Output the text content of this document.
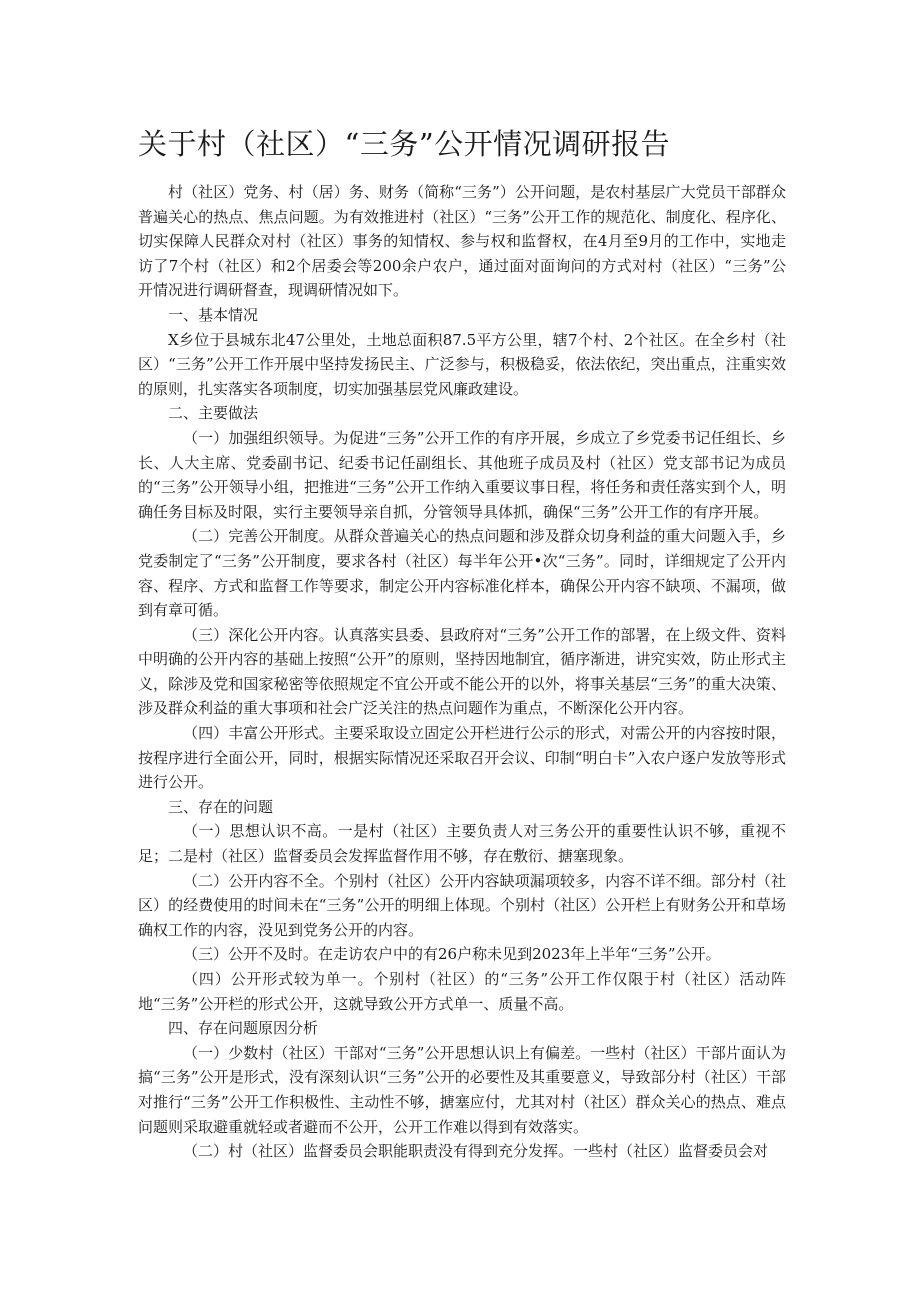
关于村（社区）“三务”公开情况调研报告

村（社区）党务、村（居）务、财务（简称“三务”）公开问题，是农村基层广大党员干部群众普遍关心的热点、焦点问题。为有效推进村（社区）“三务”公开工作的规范化、制度化、程序化、切实保障人民群众对村（社区）事务的知情权、参与权和监督权，在4月至9月的工作中，实地走访了7个村（社区）和2个居委会等200余户农户，通过面对面询问的方式对村（社区）“三务”公开情况进行调研督查，现调研情况如下。

一、基本情况

X乡位于县城东北47公里处，土地总面积87.5平方公里，辖7个村、2个社区。在全乡村（社区）“三务”公开工作开展中坚持发扬民主、广泛参与，积极稳妥，依法依纪，突出重点，注重实效的原则，扎实落实各项制度，切实加强基层党风廉政建设。

二、主要做法

（一）加强组织领导。为促进“三务”公开工作的有序开展，乡成立了乡党委书记任组长、乡长、人大主席、党委副书记、纪委书记任副组长、其他班子成员及村（社区）党支部书记为成员的“三务”公开领导小组，把推进“三务”公开工作纳入重要议事日程，将任务和责任落实到个人，明确任务目标及时限，实行主要领导亲自抓，分管领导具体抓，确保“三务”公开工作的有序开展。

（二）完善公开制度。从群众普遍关心的热点问题和涉及群众切身利益的重大问题入手，乡党委制定了“三务”公开制度，要求各村（社区）每半年公开•次“三务”。同时，详细规定了公开内容、程序、方式和监督工作等要求，制定公开内容标准化样本，确保公开内容不缺项、不漏项，做到有章可循。

（三）深化公开内容。认真落实县委、县政府对“三务”公开工作的部署，在上级文件、资料中明确的公开内容的基础上按照“公开”的原则，坚持因地制宜，循序渐进，讲究实效，防止形式主义，除涉及党和国家秘密等依照规定不宜公开或不能公开的以外，将事关基层“三务”的重大决策、涉及群众利益的重大事项和社会广泛关注的热点问题作为重点，不断深化公开内容。

（四）丰富公开形式。主要采取设立固定公开栏进行公示的形式，对需公开的内容按时限，按程序进行全面公开，同时，根据实际情况还采取召开会议、印制“明白卡”入农户逐户发放等形式进行公开。

三、存在的问题

（一）思想认识不高。一是村（社区）主要负责人对三务公开的重要性认识不够，重视不足；二是村（社区）监督委员会发挥监督作用不够，存在敷衍、搪塞现象。

（二）公开内容不全。个别村（社区）公开内容缺项漏项较多，内容不详不细。部分村（社区）的经费使用的时间未在“三务”公开的明细上体现。个别村（社区）公开栏上有财务公开和草场确权工作的内容，没见到党务公开的内容。

（三）公开不及时。在走访农户中的有26户称未见到2023年上半年“三务”公开。

（四）公开形式较为单一。个别村（社区）的“三务”公开工作仅限于村（社区）活动阵地“三务”公开栏的形式公开，这就导致公开方式单一、质量不高。

四、存在问题原因分析

（一）少数村（社区）干部对“三务”公开思想认识上有偏差。一些村（社区）干部片面认为搞“三务”公开是形式，没有深刻认识“三务”公开的必要性及其重要意义，导致部分村（社区）干部对推行“三务”公开工作积极性、主动性不够，搪塞应付，尤其对村（社区）群众关心的热点、难点问题则采取避重就轻或者避而不公开，公开工作难以得到有效落实。

（二）村（社区）监督委员会职能职责没有得到充分发挥。一些村（社区）监督委员会对
